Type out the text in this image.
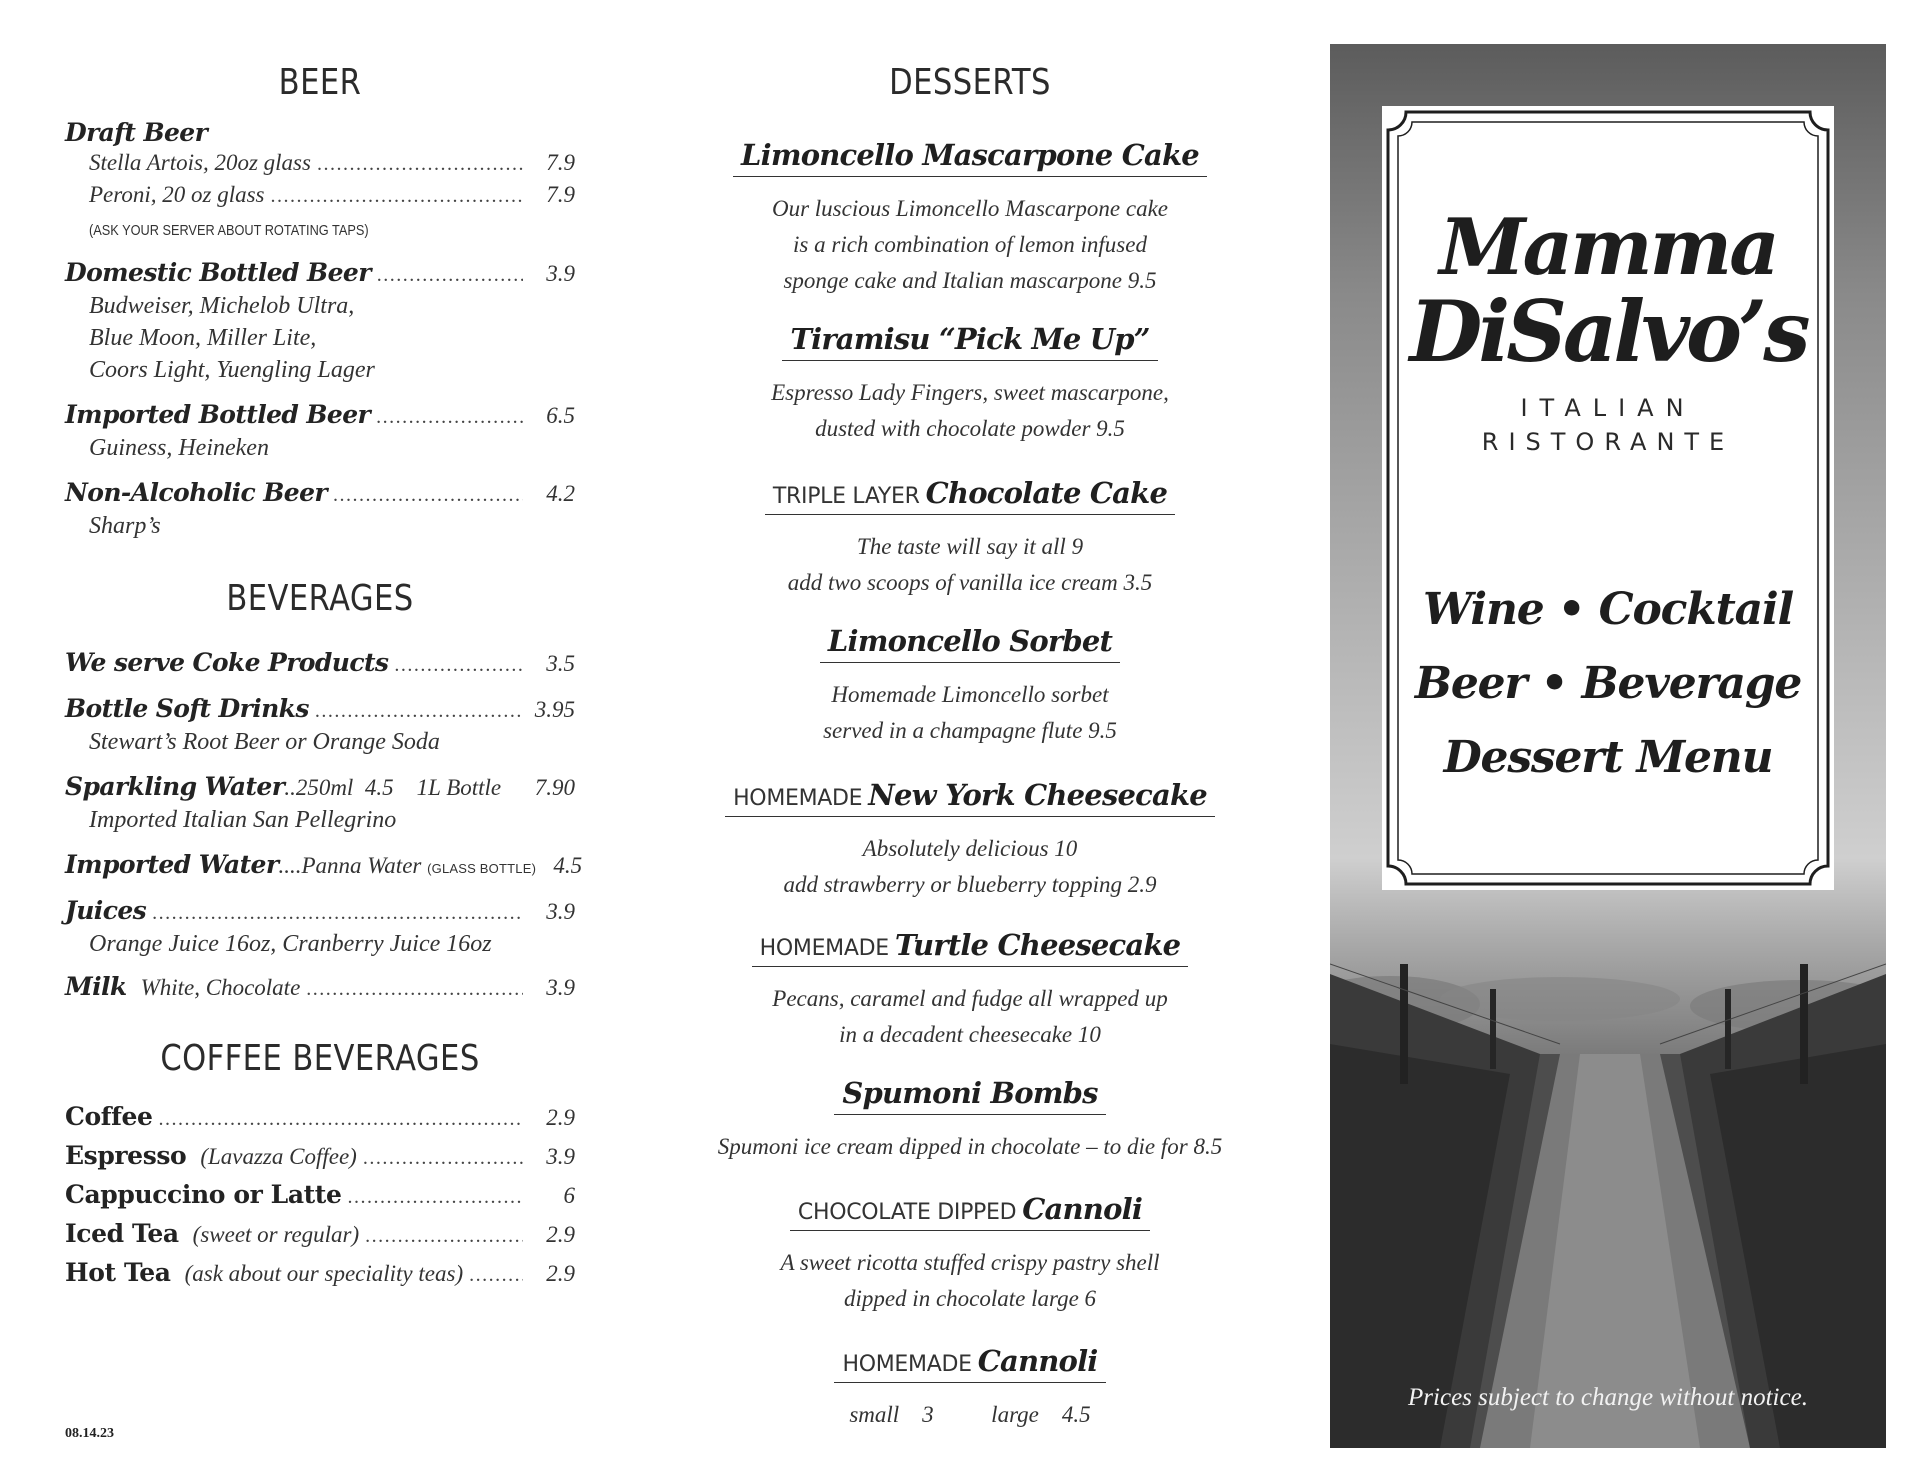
BEER
Draft Beer
Stella Artois, 20oz glass .....	7.9
Peroni, 20 oz glass .....	7.9
(ASK YOUR SERVER ABOUT ROTATING TAPS)
Domestic Bottled Beer .....	3.9
Budweiser, Michelob Ultra,
Blue Moon, Miller Lite,
Coors Light, Yuengling Lager
Imported Bottled Beer .....	6.5
Guiness, Heineken
Non-Alcoholic Beer .....	4.2
Sharp’s
BEVERAGES
We serve Coke Products .....	3.5
Bottle Soft Drinks .....	3.95
Stewart’s Root Beer or Orange Soda
Sparkling Water ..250ml  4.5    1L Bottle	7.90
Imported Italian San Pellegrino
Imported Water ....Panna Water (GLASS BOTTLE) 4.5
Juices .....	3.9
Orange Juice 16oz, Cranberry Juice 16oz
Milk White, Chocolate .....	3.9
COFFEE BEVERAGES
Coffee .....	2.9
Espresso (Lavazza Coffee) .....	3.9
Cappuccino or Latte .....	6
Iced Tea (sweet or regular) .....	2.9
Hot Tea (ask about our speciality teas) .....	2.9
08.14.23
DESSERTS
Limoncello Mascarpone Cake
Our luscious Limoncello Mascarpone cake
is a rich combination of lemon infused
sponge cake and Italian mascarpone 9.5
Tiramisu “Pick Me Up”
Espresso Lady Fingers, sweet mascarpone,
dusted with chocolate powder 9.5
TRIPLE LAYER Chocolate Cake
The taste will say it all 9
add two scoops of vanilla ice cream 3.5
Limoncello Sorbet
Homemade Limoncello sorbet
served in a champagne flute 9.5
HOMEMADE New York Cheesecake
Absolutely delicious 10
add strawberry or blueberry topping 2.9
HOMEMADE Turtle Cheesecake
Pecans, caramel and fudge all wrapped up
in a decadent cheesecake 10
Spumoni Bombs
Spumoni ice cream dipped in chocolate – to die for 8.5
CHOCOLATE DIPPED Cannoli
A sweet ricotta stuffed crispy pastry shell
dipped in chocolate large 6
HOMEMADE Cannoli
small    3          large    4.5
Mamma
DiSalvo’s
ITALIAN
RISTORANTE
Wine • Cocktail
Beer • Beverage
Dessert Menu
Prices subject to change without notice.
